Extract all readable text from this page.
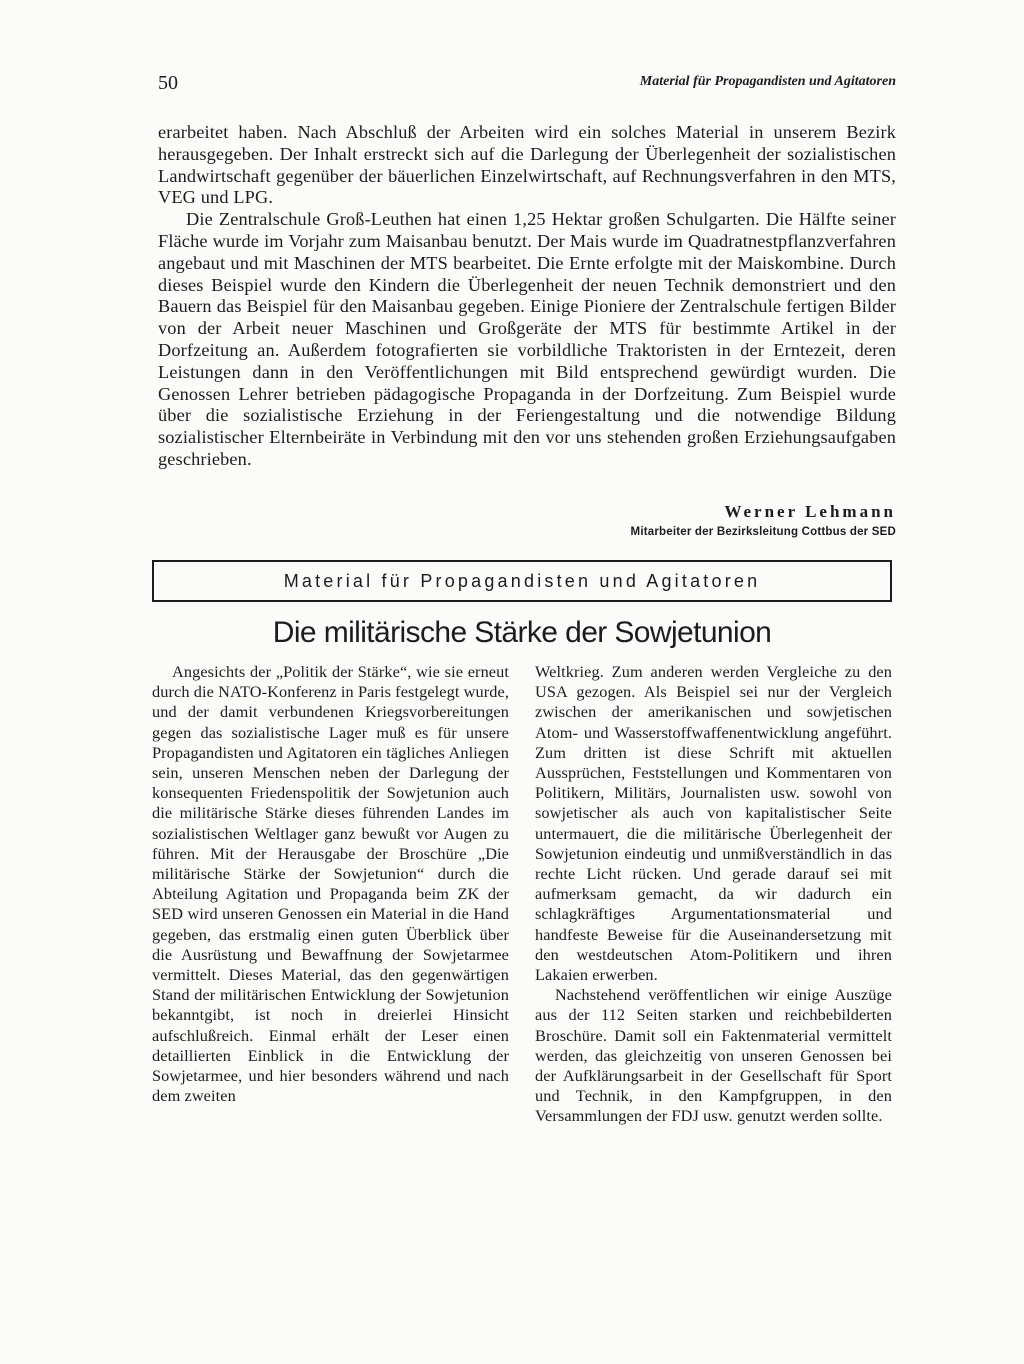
50	Material für Propagandisten und Agitatoren

erarbeitet haben. Nach Abschluß der Arbeiten wird ein solches Material in unserem Bezirk herausgegeben. Der Inhalt erstreckt sich auf die Darlegung der Überlegenheit der sozialistischen Landwirtschaft gegenüber der bäuerlichen Einzelwirtschaft, auf Rechnungsverfahren in den MTS, VEG und LPG.

Die Zentralschule Groß-Leuthen hat einen 1,25 Hektar großen Schulgarten. Die Hälfte seiner Fläche wurde im Vorjahr zum Maisanbau benutzt. Der Mais wurde im Quadratnestpflanzverfahren angebaut und mit Maschinen der MTS bearbeitet. Die Ernte erfolgte mit der Maiskombine. Durch dieses Beispiel wurde den Kindern die Überlegenheit der neuen Technik demonstriert und den Bauern das Beispiel für den Maisanbau gegeben. Einige Pioniere der Zentralschule fertigen Bilder von der Arbeit neuer Maschinen und Großgeräte der MTS für bestimmte Artikel in der Dorfzeitung an. Außerdem fotografierten sie vorbildliche Traktoristen in der Erntezeit, deren Leistungen dann in den Veröffentlichungen mit Bild entsprechend gewürdigt wurden. Die Genossen Lehrer betrieben pädagogische Propaganda in der Dorfzeitung. Zum Beispiel wurde über die sozialistische Erziehung in der Feriengestaltung und die notwendige Bildung sozialistischer Elternbeiräte in Verbindung mit den vor uns stehenden großen Erziehungsaufgaben geschrieben.

Werner Lehmann
Mitarbeiter der Bezirksleitung Cottbus der SED
Material für Propagandisten und Agitatoren
Die militärische Stärke der Sowjetunion

Angesichts der „Politik der Stärke“, wie sie erneut durch die NATO-Konferenz in Paris festgelegt wurde, und der damit verbundenen Kriegsvorbereitungen gegen das sozialistische Lager muß es für unsere Propagandisten und Agitatoren ein tägliches Anliegen sein, unseren Menschen neben der Darlegung der konsequenten Friedenspolitik der Sowjetunion auch die militärische Stärke dieses führenden Landes im sozialistischen Weltlager ganz bewußt vor Augen zu führen. Mit der Herausgabe der Broschüre „Die militärische Stärke der Sowjetunion“ durch die Abteilung Agitation und Propaganda beim ZK der SED wird unseren Genossen ein Material in die Hand gegeben, das erstmalig einen guten Überblick über die Ausrüstung und Bewaffnung der Sowjetarmee vermittelt. Dieses Material, das den gegenwärtigen Stand der militärischen Entwicklung der Sowjetunion bekanntgibt, ist noch in dreierlei Hinsicht aufschlußreich. Einmal erhält der Leser einen detaillierten Einblick in die Entwicklung der Sowjetarmee, und hier besonders während und nach dem zweiten

Weltkrieg. Zum anderen werden Vergleiche zu den USA gezogen. Als Beispiel sei nur der Vergleich zwischen der amerikanischen und sowjetischen Atom- und Wasserstoffwaffenentwicklung angeführt. Zum dritten ist diese Schrift mit aktuellen Aussprüchen, Feststellungen und Kommentaren von Politikern, Militärs, Journalisten usw. sowohl von sowjetischer als auch von kapitalistischer Seite untermauert, die die militärische Überlegenheit der Sowjetunion eindeutig und unmißverständlich in das rechte Licht rücken. Und gerade darauf sei mit aufmerksam gemacht, da wir dadurch ein schlagkräftiges Argumentationsmaterial und handfeste Beweise für die Auseinandersetzung mit den westdeutschen Atom-Politikern und ihren Lakaien erwerben.

Nachstehend veröffentlichen wir einige Auszüge aus der 112 Seiten starken und reichbebilderten Broschüre. Damit soll ein Faktenmaterial vermittelt werden, das gleichzeitig von unseren Genossen bei der Aufklärungsarbeit in der Gesellschaft für Sport und Technik, in den Kampfgruppen, in den Versammlungen der FDJ usw. genutzt werden sollte.
